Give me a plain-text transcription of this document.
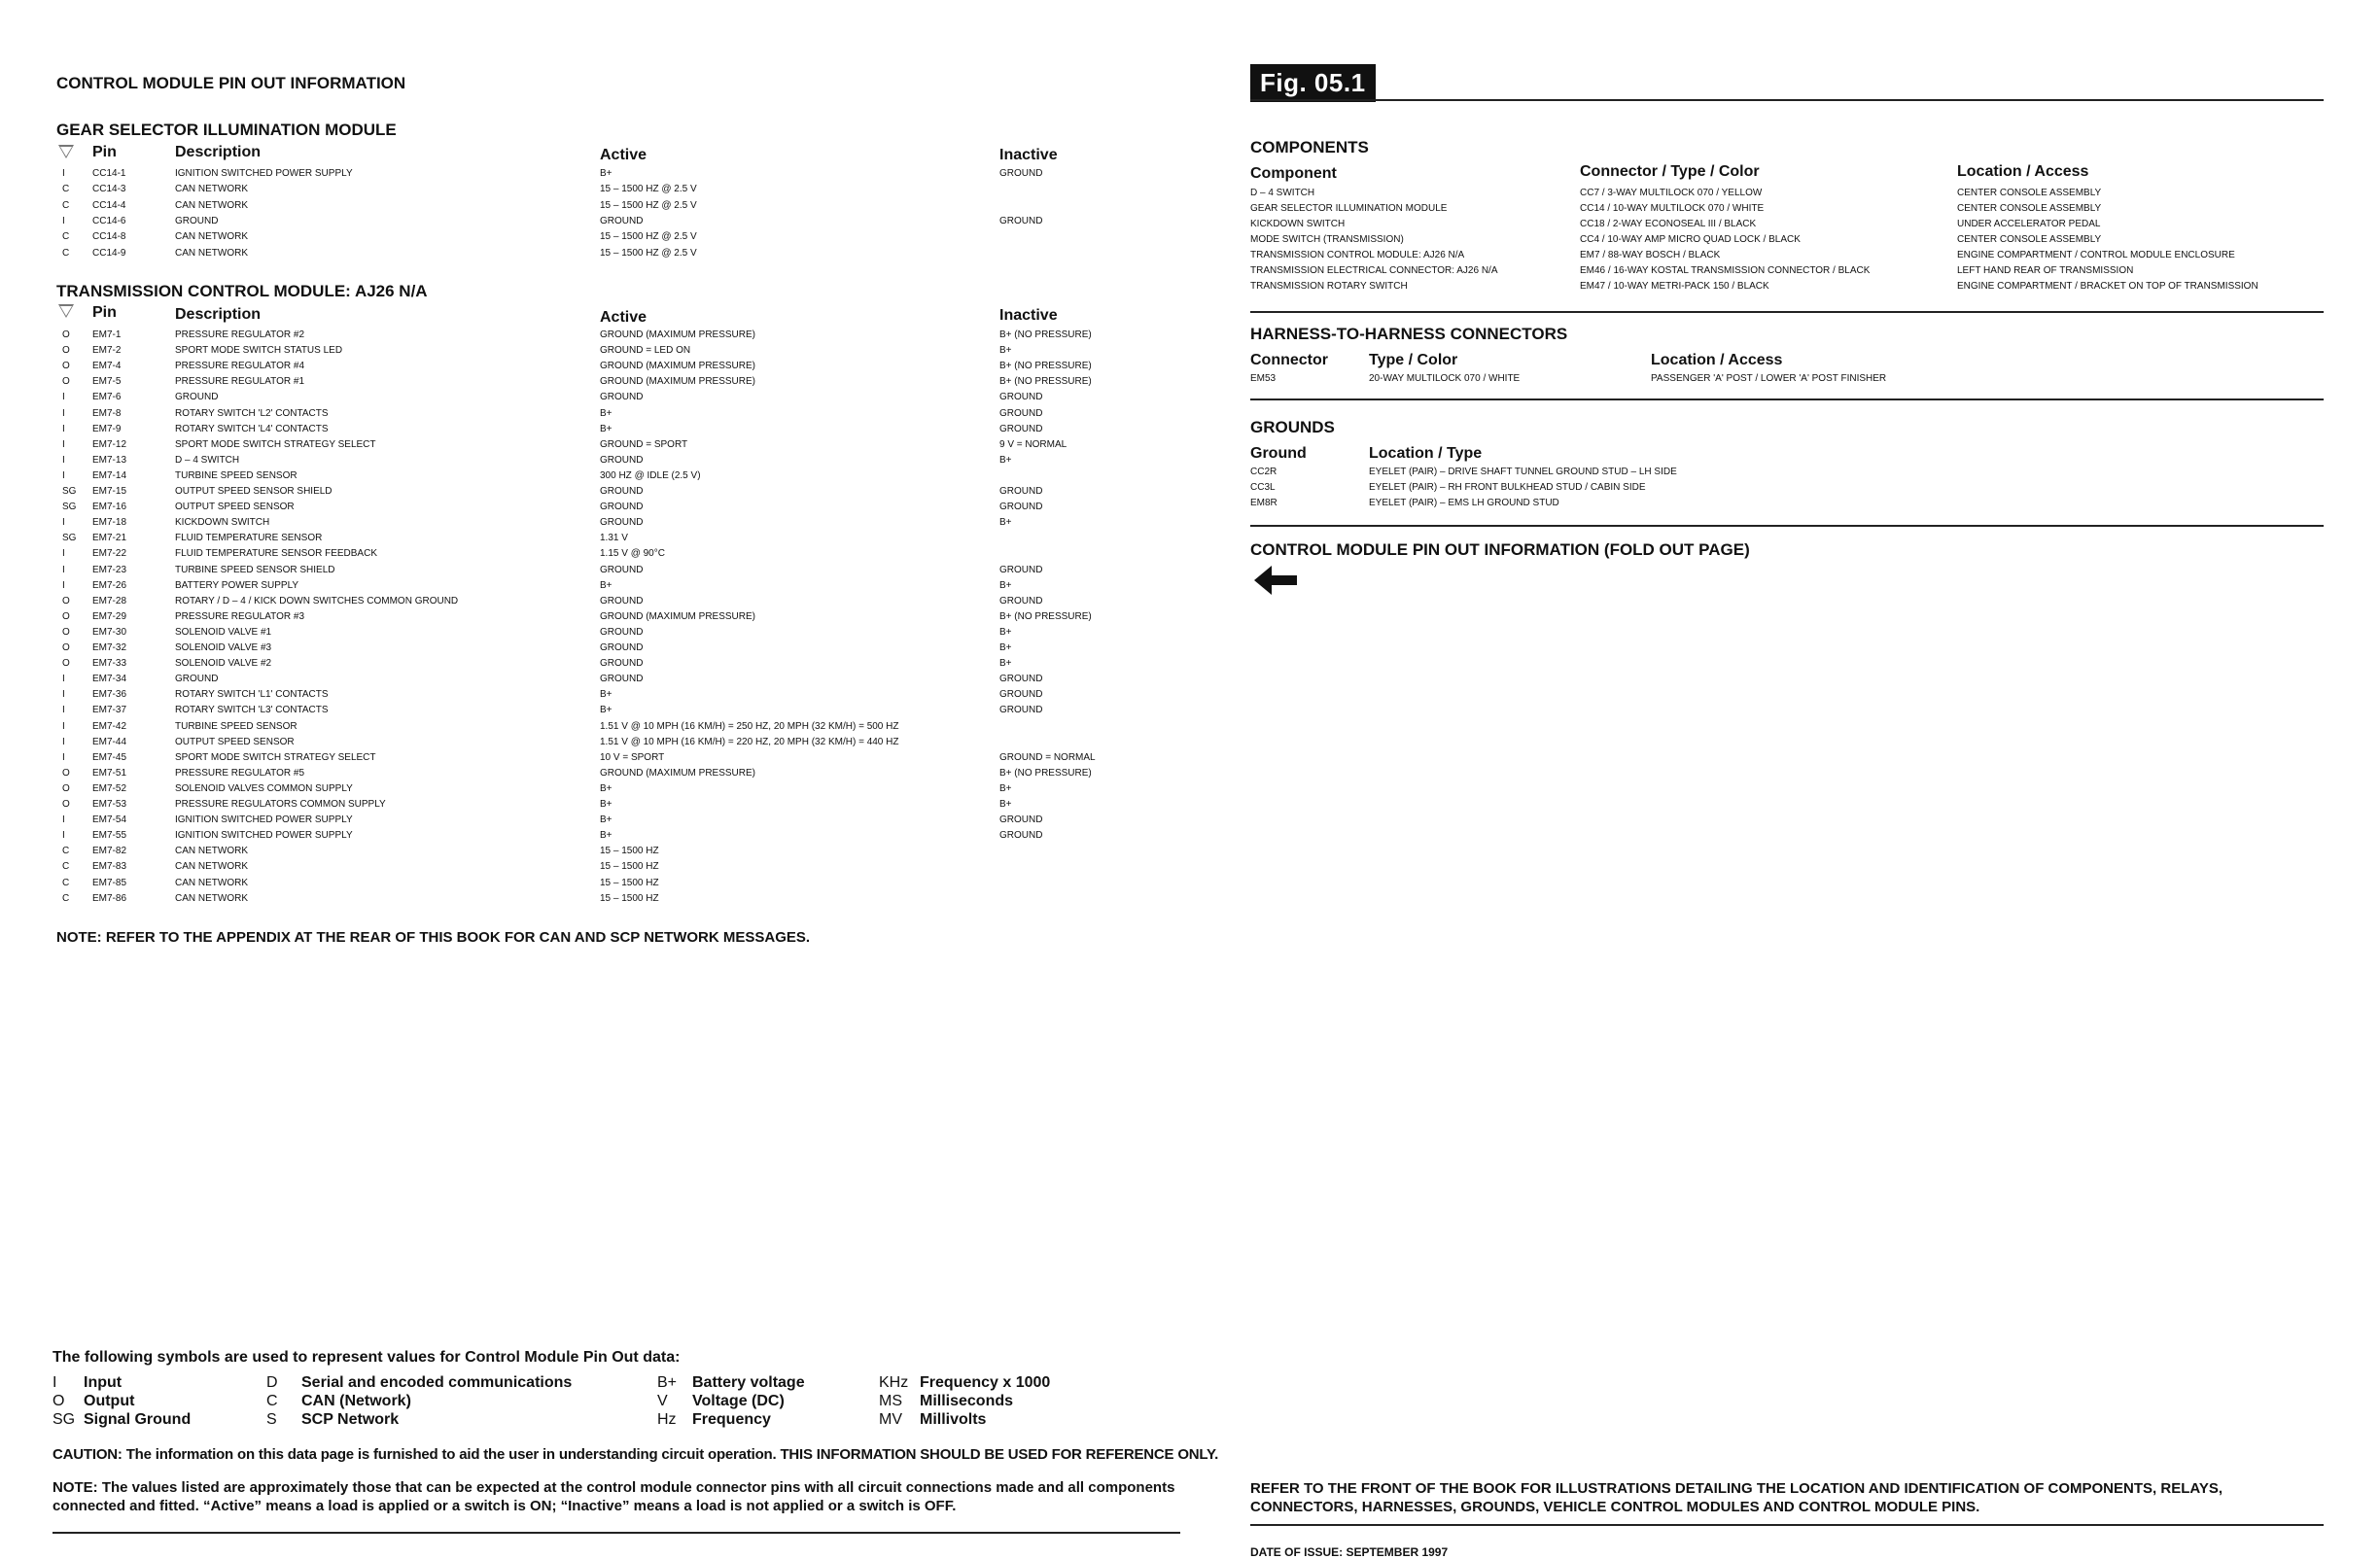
CONTROL MODULE PIN OUT INFORMATION
GEAR SELECTOR ILLUMINATION MODULE
Pin	Description	Active	Inactive
I	CC14-1	IGNITION SWITCHED POWER SUPPLY	B+	GROUND
C CC14-3	CAN NETWORK	15 – 1500 HZ @ 2.5 V
C CC14-4	CAN NETWORK	15 – 1500 HZ @ 2.5 V
I	CC14-6	GROUND	GROUND	GROUND
C CC14-8	CAN NETWORK	15 – 1500 HZ @ 2.5 V
C CC14-9	CAN NETWORK	15 – 1500 HZ @ 2.5 V
TRANSMISSION CONTROL MODULE: AJ26 N/A
Pin	Description	Active	Inactive
O EM7-1	PRESSURE REGULATOR #2	GROUND (MAXIMUM PRESSURE)	B+ (NO PRESSURE)
O EM7-2	SPORT MODE SWITCH STATUS LED	GROUND = LED ON	B+
O EM7-4	PRESSURE REGULATOR #4	GROUND (MAXIMUM PRESSURE)	B+ (NO PRESSURE)
O EM7-5	PRESSURE REGULATOR #1	GROUND (MAXIMUM PRESSURE)	B+ (NO PRESSURE)
I	EM7-6	GROUND	GROUND	GROUND
I	EM7-8	ROTARY SWITCH 'L2' CONTACTS	B+	GROUND
I	EM7-9	ROTARY SWITCH 'L4' CONTACTS	B+	GROUND
I	EM7-12	SPORT MODE SWITCH STRATEGY SELECT	GROUND = SPORT	9 V = NORMAL
I	EM7-13	D – 4 SWITCH	GROUND	B+
I	EM7-14	TURBINE SPEED SENSOR	300 HZ @ IDLE (2.5 V)
SG EM7-15	OUTPUT SPEED SENSOR SHIELD	GROUND	GROUND
SG EM7-16	OUTPUT SPEED SENSOR	GROUND	GROUND
I	EM7-18	KICKDOWN SWITCH	GROUND	B+
SG EM7-21	FLUID TEMPERATURE SENSOR	1.31 V
I	EM7-22	FLUID TEMPERATURE SENSOR FEEDBACK	1.15 V @ 90°C
I	EM7-23	TURBINE SPEED SENSOR SHIELD	GROUND	GROUND
I	EM7-26	BATTERY POWER SUPPLY	B+	B+
O EM7-28	ROTARY / D – 4 / KICK DOWN SWITCHES COMMON GROUND	GROUND	GROUND
O EM7-29	PRESSURE REGULATOR #3	GROUND (MAXIMUM PRESSURE)	B+ (NO PRESSURE)
O EM7-30	SOLENOID VALVE #1	GROUND	B+
O EM7-32	SOLENOID VALVE #3	GROUND	B+
O EM7-33	SOLENOID VALVE #2	GROUND	B+
I	EM7-34	GROUND	GROUND	GROUND
I	EM7-36	ROTARY SWITCH 'L1' CONTACTS	B+	GROUND
I	EM7-37	ROTARY SWITCH 'L3' CONTACTS	B+	GROUND
I	EM7-42	TURBINE SPEED SENSOR	1.51 V @ 10 MPH (16 KM/H) = 250 HZ, 20 MPH (32 KM/H) = 500 HZ
I	EM7-44	OUTPUT SPEED SENSOR	1.51 V @ 10 MPH (16 KM/H) = 220 HZ, 20 MPH (32 KM/H) = 440 HZ
I	EM7-45	SPORT MODE SWITCH STRATEGY SELECT	10 V = SPORT	GROUND = NORMAL
O EM7-51	PRESSURE REGULATOR #5	GROUND (MAXIMUM PRESSURE)	B+ (NO PRESSURE)
O EM7-52	SOLENOID VALVES COMMON SUPPLY	B+	B+
O EM7-53	PRESSURE REGULATORS COMMON SUPPLY	B+	B+
I	EM7-54	IGNITION SWITCHED POWER SUPPLY	B+	GROUND
I	EM7-55	IGNITION SWITCHED POWER SUPPLY	B+	GROUND
C EM7-82	CAN NETWORK	15 – 1500 HZ
C EM7-83	CAN NETWORK	15 – 1500 HZ
C EM7-85	CAN NETWORK	15 – 1500 HZ
C EM7-86	CAN NETWORK	15 – 1500 HZ
NOTE: REFER TO THE APPENDIX AT THE REAR OF THIS BOOK FOR CAN AND SCP NETWORK MESSAGES.
The following symbols are used to represent values for Control Module Pin Out data:
I Input
O Output
SG Signal Ground
D Serial and encoded communications
C CAN (Network)
S SCP Network
B+ Battery voltage
V Voltage (DC)
Hz Frequency
KHz Frequency x 1000
MS Milliseconds
MV Millivolts
CAUTION: The information on this data page is furnished to aid the user in understanding circuit operation. THIS INFORMATION SHOULD BE USED FOR REFERENCE ONLY.
NOTE: The values listed are approximately those that can be expected at the control module connector pins with all circuit connections made and all components connected and fitted. “Active” means a load is applied or a switch is ON; “Inactive” means a load is not applied or a switch is OFF.
Fig. 05.1
COMPONENTS
Component	Connector / Type / Color	Location / Access
D – 4 SWITCH	CC7 / 3-WAY MULTILOCK 070 / YELLOW	CENTER CONSOLE ASSEMBLY
GEAR SELECTOR ILLUMINATION MODULE	CC14 / 10-WAY MULTILOCK 070 / WHITE	CENTER CONSOLE ASSEMBLY
KICKDOWN SWITCH	CC18 / 2-WAY ECONOSEAL III / BLACK	UNDER ACCELERATOR PEDAL
MODE SWITCH (TRANSMISSION)	CC4 / 10-WAY AMP MICRO QUAD LOCK / BLACK	CENTER CONSOLE ASSEMBLY
TRANSMISSION CONTROL MODULE: AJ26 N/A	EM7 / 88-WAY BOSCH / BLACK	ENGINE COMPARTMENT / CONTROL MODULE ENCLOSURE
TRANSMISSION ELECTRICAL CONNECTOR: AJ26 N/A	EM46 / 16-WAY KOSTAL TRANSMISSION CONNECTOR / BLACK	LEFT HAND REAR OF TRANSMISSION
TRANSMISSION ROTARY SWITCH	EM47 / 10-WAY METRI-PACK 150 / BLACK	ENGINE COMPARTMENT / BRACKET ON TOP OF TRANSMISSION
HARNESS-TO-HARNESS CONNECTORS
Connector	Type / Color	Location / Access
EM53	20-WAY MULTILOCK 070 / WHITE	PASSENGER 'A' POST / LOWER 'A' POST FINISHER
GROUNDS
Ground	Location / Type
CC2R	EYELET (PAIR) – DRIVE SHAFT TUNNEL GROUND STUD – LH SIDE
CC3L	EYELET (PAIR) – RH FRONT BULKHEAD STUD / CABIN SIDE
EM8R	EYELET (PAIR) – EMS LH GROUND STUD
CONTROL MODULE PIN OUT INFORMATION (FOLD OUT PAGE)
REFER TO THE FRONT OF THE BOOK FOR ILLUSTRATIONS DETAILING THE LOCATION AND IDENTIFICATION OF COMPONENTS, RELAYS, CONNECTORS, HARNESSES, GROUNDS, VEHICLE CONTROL MODULES AND CONTROL MODULE PINS.
DATE OF ISSUE: SEPTEMBER 1997
